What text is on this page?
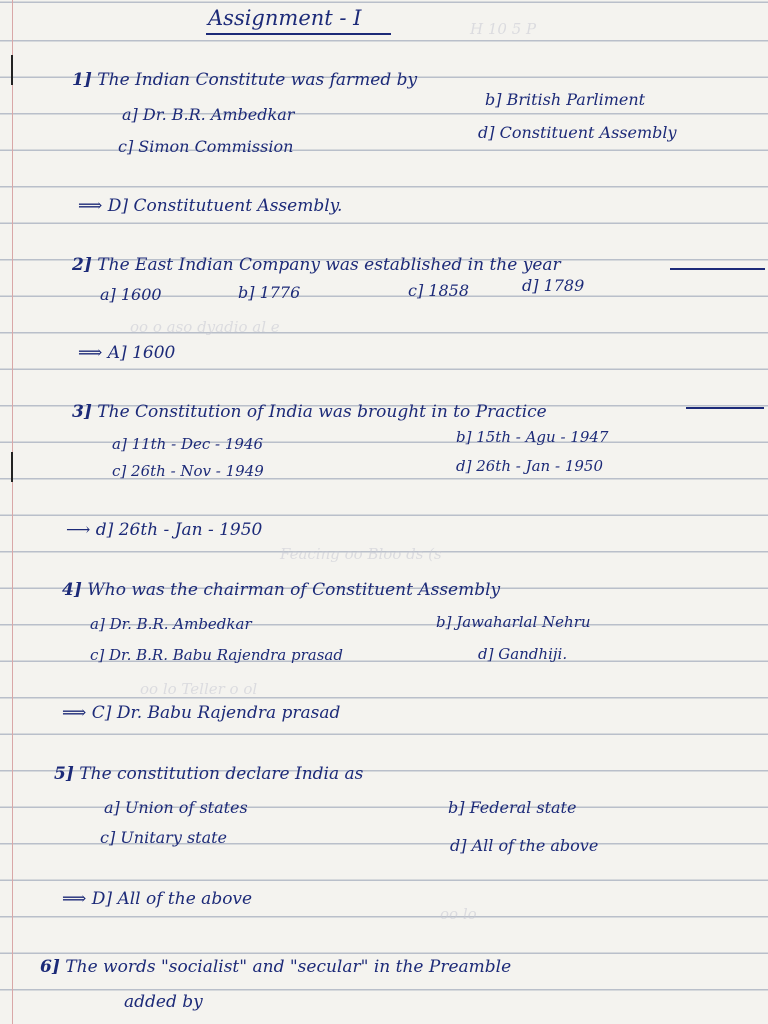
H 10 5 P
oo o aso dyadio al e
Feacing oo Bloo ds (s
oo lo Teller o ol
oo lo
Assignment - I
1] The Indian Constitute was farmed by
a] Dr. B.R. Ambedkar
b] British Parliment
c] Simon Commission
d] Constituent Assembly
⟹ D] Constitutuent Assembly.
2] The East Indian Company was established in the year
a] 1600	b] 1776	c] 1858	d] 1789
⟹ A] 1600
3] The Constitution of India was brought in to Practice
a] 11th - Dec - 1946	b] 15th - Agu - 1947
c] 26th - Nov - 1949	d] 26th - Jan - 1950
⟶ d] 26th - Jan - 1950
4] Who was the chairman of Constituent Assembly
a] Dr. B.R. Ambedkar	b] Jawaharlal Nehru
c] Dr. B.R. Babu Rajendra prasad	d] Gandhiji.
⟹ C] Dr. Babu Rajendra prasad
5] The constitution declare India as
a] Union of states	b] Federal state
c] Unitary state	d] All of the above
⟹ D] All of the above
6] The words "socialist" and "secular" in the Preamble
added by
